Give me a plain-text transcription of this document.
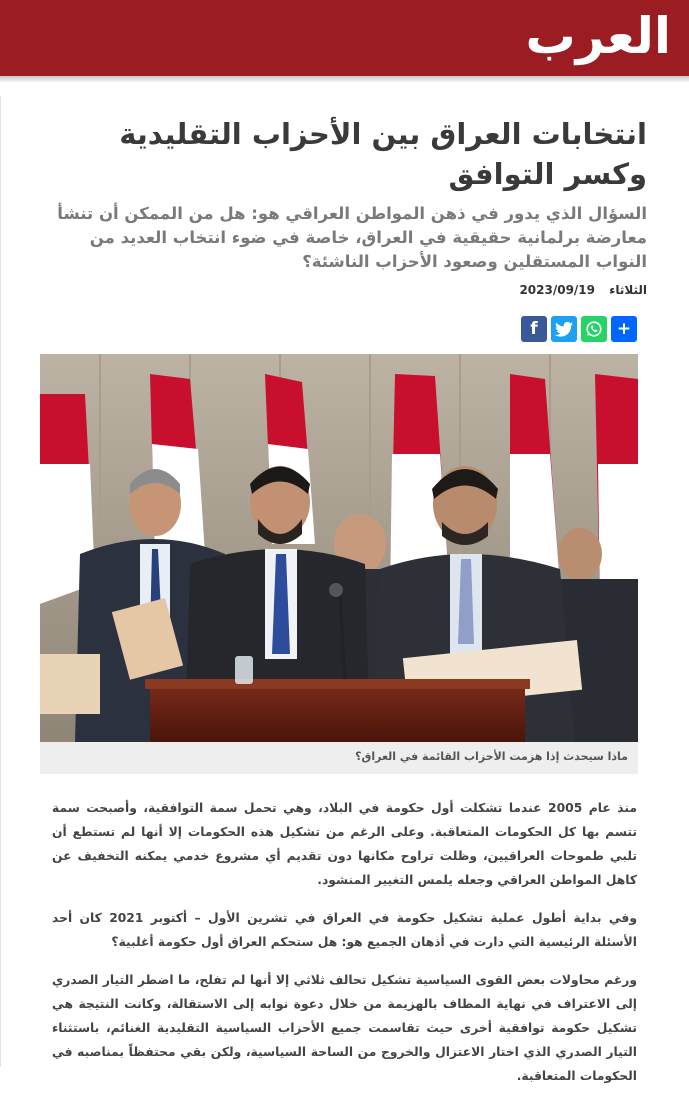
العرب
انتخابات العراق بين الأحزاب التقليدية وكسر التوافق
السؤال الذي يدور في ذهن المواطن العراقي هو: هل من الممكن أن تنشأ معارضة برلمانية حقيقية في العراق، خاصة في ضوء انتخاب العديد من النواب المستقلين وصعود الأحزاب الناشئة؟
الثلاثاء
2023/09/19
f	+
ماذا سيحدث إذا هزمت الأحزاب القائمة في العراق؟

منذ عام 2005 عندما تشكلت أول حكومة في البلاد، وهي تحمل سمة التوافقية، وأصبحت سمة تتسم بها كل الحكومات المتعاقبة. وعلى الرغم من تشكيل هذه الحكومات إلا أنها لم تستطع أن تلبي طموحات العراقيين، وظلت تراوح مكانها دون تقديم أي مشروع خدمي يمكنه التخفيف عن كاهل المواطن العراقي وجعله يلمس التغيير المنشود.

وفي بداية أطول عملية تشكيل حكومة في العراق في تشرين الأول – أكتوبر 2021 كان أحد الأسئلة الرئيسية التي دارت في أذهان الجميع هو: هل ستحكم العراق أول حكومة أغلبية؟

ورغم محاولات بعض القوى السياسية تشكيل تحالف ثلاثي إلا أنها لم تفلح، ما اضطر التيار الصدري إلى الاعتراف في نهاية المطاف بالهزيمة من خلال دعوة نوابه إلى الاستقالة، وكانت النتيجة هي تشكيل حكومة توافقية أخرى حيث تقاسمت جميع الأحزاب السياسية التقليدية الغنائم، باستثناء التيار الصدري الذي اختار الاعتزال والخروج من الساحة السياسية، ولكن بقي محتفظاً بمناصبه في الحكومات المتعاقبة.
